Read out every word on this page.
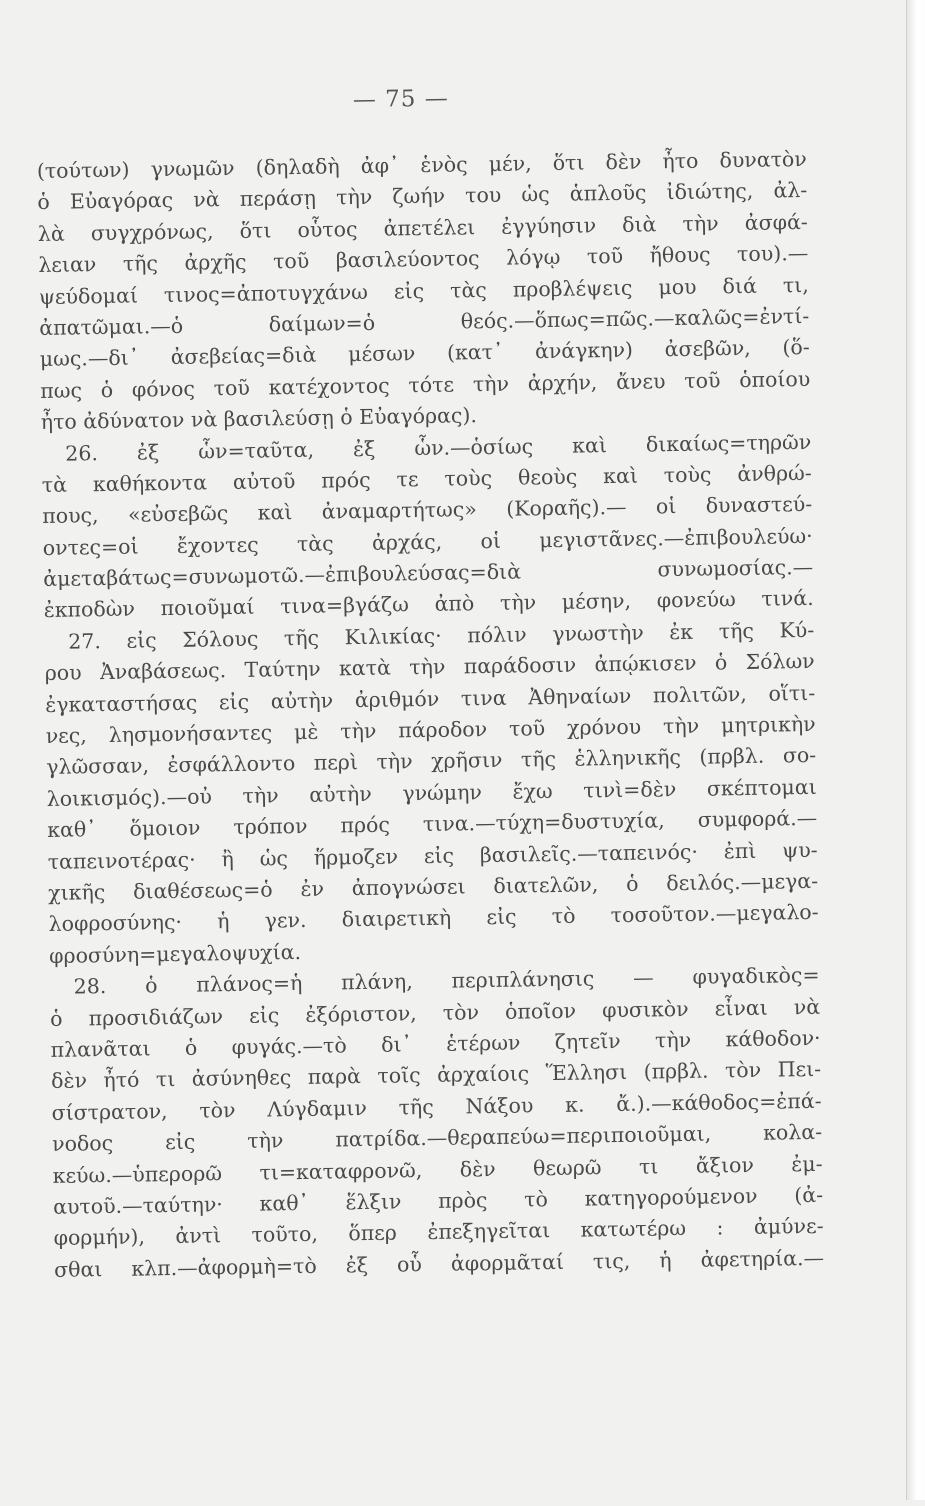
— 75 —
(τούτων) γνωμῶν (δηλαδὴ ἀφ᾽ ἑνὸς μέν, ὅτι δὲν ἦτο δυνατὸν
ὁ Εὐαγόρας νὰ περάσῃ τὴν ζωήν του ὡς ἁπλοῦς ἰδιώτης, ἀλ-
λὰ συγχρόνως, ὅτι οὗτος ἀπετέλει ἐγγύησιν διὰ τὴν ἀσφά-
λειαν τῆς ἀρχῆς τοῦ βασιλεύοντος λόγῳ τοῦ ἤθους του).—
ψεύδομαί τινος=ἀποτυγχάνω εἰς τὰς προβλέψεις μου διά τι,
ἀπατῶμαι.—ὁ δαίμων=ὁ θεός.—ὅπως=πῶς.—καλῶς=ἐντί-
μως.—δι᾽ ἀσεβείας=διὰ μέσων (κατ᾽ ἀνάγκην) ἀσεβῶν, (ὅ-
πως ὁ φόνος τοῦ κατέχοντος τότε τὴν ἀρχήν, ἄνευ τοῦ ὁποίου
ἦτο ἀδύνατον νὰ βασιλεύσῃ ὁ Εὐαγόρας).
26. ἐξ ὧν=ταῦτα, ἐξ ὧν.—ὁσίως καὶ δικαίως=τηρῶν
τὰ καθήκοντα αὐτοῦ πρός τε τοὺς θεοὺς καὶ τοὺς ἀνθρώ-
πους, «εὐσεβῶς καὶ ἀναμαρτήτως» (Κοραῆς).— οἱ δυναστεύ-
οντες=οἱ ἔχοντες τὰς ἀρχάς, οἱ μεγιστᾶνες.—ἐπιβουλεύω·
ἀμεταβάτως=συνωμοτῶ.—ἐπιβουλεύσας=διὰ συνωμοσίας.—
ἐκποδὼν ποιοῦμαί τινα=βγάζω ἀπὸ τὴν μέσην, φονεύω τινά.
27. εἰς Σόλους τῆς Κιλικίας· πόλιν γνωστὴν ἐκ τῆς Κύ-
ρου Ἀναβάσεως. Ταύτην κατὰ τὴν παράδοσιν ἀπῴκισεν ὁ Σόλων
ἐγκαταστήσας εἰς αὐτὴν ἀριθμόν τινα Ἀθηναίων πολιτῶν, οἵτι-
νες, λησμονήσαντες μὲ τὴν πάροδον τοῦ χρόνου τὴν μητρικὴν
γλῶσσαν, ἐσφάλλοντο περὶ τὴν χρῆσιν τῆς ἑλληνικῆς (πρβλ. σο-
λοικισμός).—οὐ τὴν αὐτὴν γνώμην ἔχω τινὶ=δὲν σκέπτομαι
καθ᾽ ὅμοιον τρόπον πρός τινα.—τύχη=δυστυχία, συμφορά.—
ταπεινοτέρας· ἢ ὡς ἥρμοζεν εἰς βασιλεῖς.—ταπεινός· ἐπὶ ψυ-
χικῆς διαθέσεως=ὁ ἐν ἀπογνώσει διατελῶν, ὁ δειλός.—μεγα-
λοφροσύνης· ἡ γεν. διαιρετικὴ εἰς τὸ τοσοῦτον.—μεγαλο-
φροσύνη=μεγαλοψυχία.
28. ὁ πλάνος=ἡ πλάνη, περιπλάνησις — φυγαδικὸς=
ὁ προσιδιάζων εἰς ἐξόριστον, τὸν ὁποῖον φυσικὸν εἶναι νὰ
πλανᾶται ὁ φυγάς.—τὸ δι᾽ ἑτέρων ζητεῖν τὴν κάθοδον·
δὲν ἦτό τι ἀσύνηθες παρὰ τοῖς ἀρχαίοις Ἕλλησι (πρβλ. τὸν Πει-
σίστρατον, τὸν Λύγδαμιν τῆς Νάξου κ. ἄ.).—κάθοδος=ἐπά-
νοδος εἰς τὴν πατρίδα.—θεραπεύω=περιποιοῦμαι, κολα-
κεύω.—ὑπερορῶ τι=καταφρονῶ, δὲν θεωρῶ τι ἄξιον ἐμ-
αυτοῦ.—ταύτην· καθ᾽ ἕλξιν πρὸς τὸ κατηγορούμενον (ἀ-
φορμήν), ἀντὶ τοῦτο, ὅπερ ἐπεξηγεῖται κατωτέρω : ἀμύνε-
σθαι κλπ.—ἀφορμὴ=τὸ ἐξ οὗ ἀφορμᾶταί τις, ἡ ἀφετηρία.—
